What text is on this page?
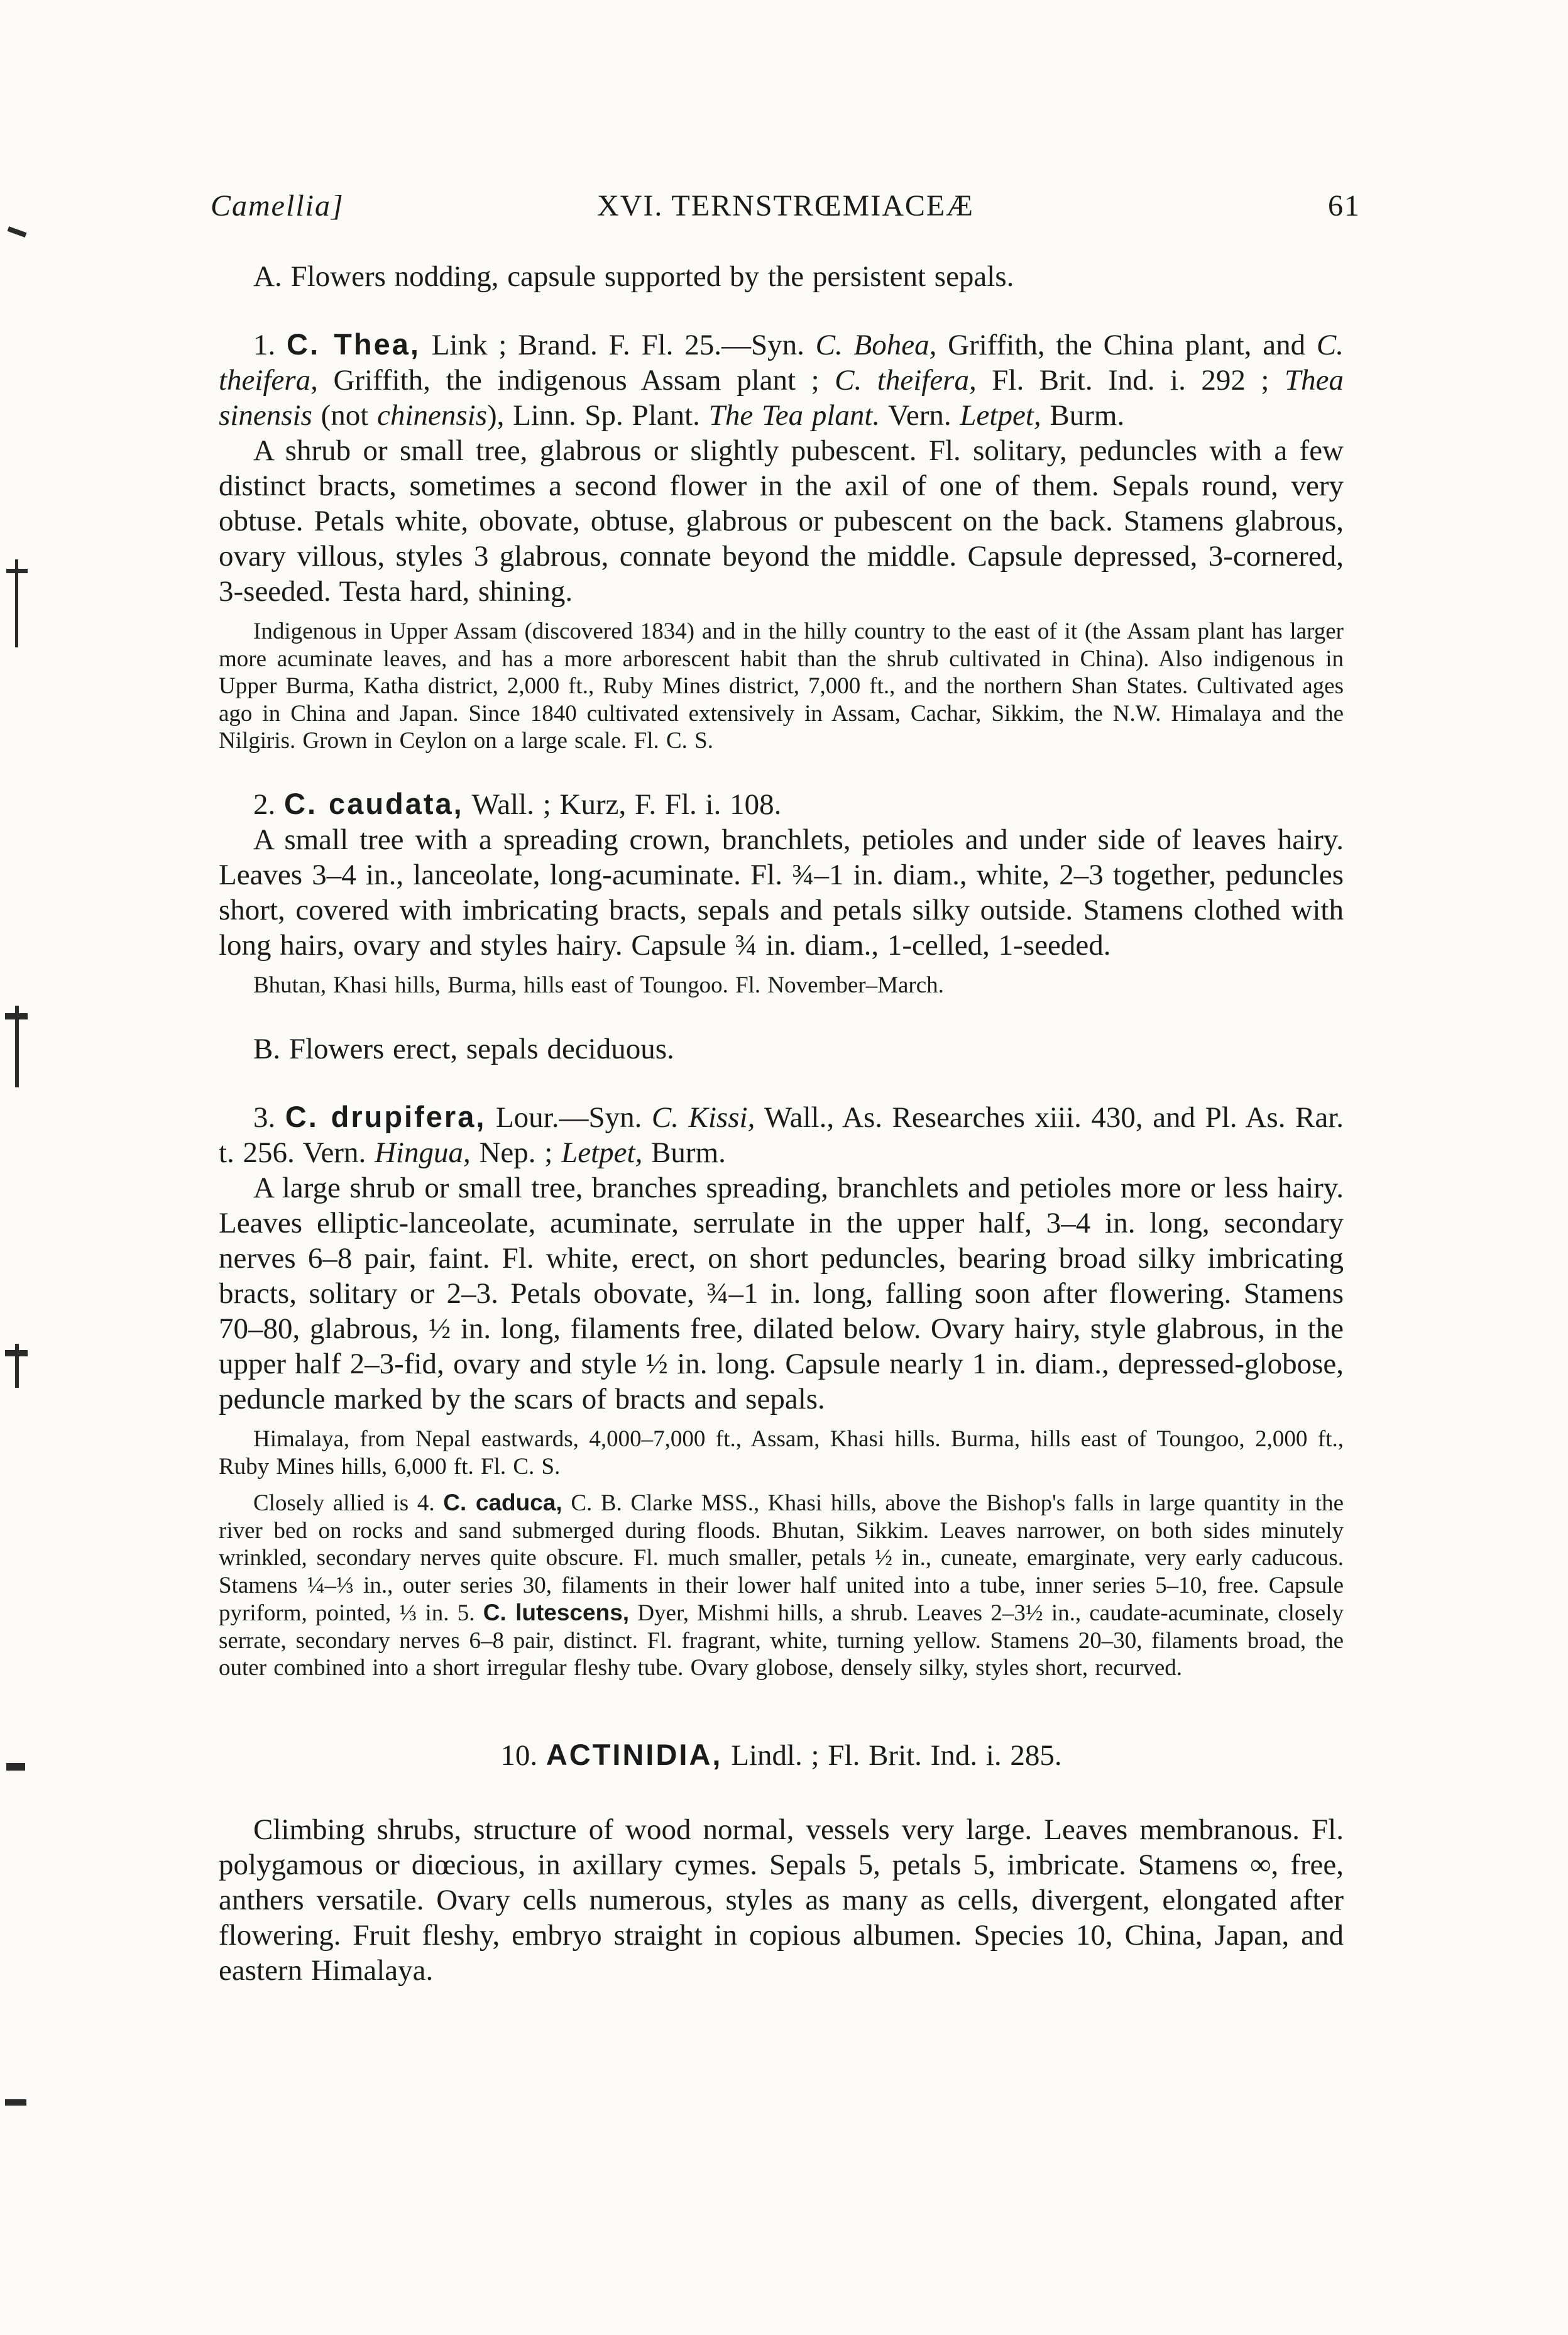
Camellia]	XVI. TERNSTRŒMIACEÆ	61

A. Flowers nodding, capsule supported by the persistent sepals.

1. C. Thea, Link ; Brand. F. Fl. 25.—Syn. C. Bohea, Griffith, the China plant, and C. theifera, Griffith, the indigenous Assam plant ; C. theifera, Fl. Brit. Ind. i. 292 ; Thea sinensis (not chinensis), Linn. Sp. Plant. The Tea plant. Vern. Letpet, Burm.

A shrub or small tree, glabrous or slightly pubescent. Fl. solitary, peduncles with a few distinct bracts, sometimes a second flower in the axil of one of them. Sepals round, very obtuse. Petals white, obovate, obtuse, glabrous or pubescent on the back. Stamens glabrous, ovary villous, styles 3 glabrous, connate beyond the middle. Capsule depressed, 3-cornered, 3-seeded. Testa hard, shining.

Indigenous in Upper Assam (discovered 1834) and in the hilly country to the east of it (the Assam plant has larger more acuminate leaves, and has a more arborescent habit than the shrub cultivated in China). Also indigenous in Upper Burma, Katha district, 2,000 ft., Ruby Mines district, 7,000 ft., and the northern Shan States. Cultivated ages ago in China and Japan. Since 1840 cultivated extensively in Assam, Cachar, Sikkim, the N.W. Himalaya and the Nilgiris. Grown in Ceylon on a large scale. Fl. C. S.

2. C. caudata, Wall. ; Kurz, F. Fl. i. 108.

A small tree with a spreading crown, branchlets, petioles and under side of leaves hairy. Leaves 3–4 in., lanceolate, long-acuminate. Fl. ¾–1 in. diam., white, 2–3 together, peduncles short, covered with imbricating bracts, sepals and petals silky outside. Stamens clothed with long hairs, ovary and styles hairy. Capsule ¾ in. diam., 1-celled, 1-seeded.

Bhutan, Khasi hills, Burma, hills east of Toungoo. Fl. November–March.

B. Flowers erect, sepals deciduous.

3. C. drupifera, Lour.—Syn. C. Kissi, Wall., As. Researches xiii. 430, and Pl. As. Rar. t. 256. Vern. Hingua, Nep. ; Letpet, Burm.

A large shrub or small tree, branches spreading, branchlets and petioles more or less hairy. Leaves elliptic-lanceolate, acuminate, serrulate in the upper half, 3–4 in. long, secondary nerves 6–8 pair, faint. Fl. white, erect, on short peduncles, bearing broad silky imbricating bracts, solitary or 2–3. Petals obovate, ¾–1 in. long, falling soon after flowering. Stamens 70–80, glabrous, ½ in. long, filaments free, dilated below. Ovary hairy, style glabrous, in the upper half 2–3-fid, ovary and style ½ in. long. Capsule nearly 1 in. diam., depressed-globose, peduncle marked by the scars of bracts and sepals.

Himalaya, from Nepal eastwards, 4,000–7,000 ft., Assam, Khasi hills. Burma, hills east of Toungoo, 2,000 ft., Ruby Mines hills, 6,000 ft. Fl. C. S.

Closely allied is 4. C. caduca, C. B. Clarke MSS., Khasi hills, above the Bishop's falls in large quantity in the river bed on rocks and sand submerged during floods. Bhutan, Sikkim. Leaves narrower, on both sides minutely wrinkled, secondary nerves quite obscure. Fl. much smaller, petals ½ in., cuneate, emarginate, very early caducous. Stamens ¼–⅓ in., outer series 30, filaments in their lower half united into a tube, inner series 5–10, free. Capsule pyriform, pointed, ⅓ in. 5. C. lutescens, Dyer, Mishmi hills, a shrub. Leaves 2–3½ in., caudate-acuminate, closely serrate, secondary nerves 6–8 pair, distinct. Fl. fragrant, white, turning yellow. Stamens 20–30, filaments broad, the outer combined into a short irregular fleshy tube. Ovary globose, densely silky, styles short, recurved.

10. ACTINIDIA, Lindl. ; Fl. Brit. Ind. i. 285.

Climbing shrubs, structure of wood normal, vessels very large. Leaves membranous. Fl. polygamous or diœcious, in axillary cymes. Sepals 5, petals 5, imbricate. Stamens ∞, free, anthers versatile. Ovary cells numerous, styles as many as cells, divergent, elongated after flowering. Fruit fleshy, embryo straight in copious albumen. Species 10, China, Japan, and eastern Himalaya.
